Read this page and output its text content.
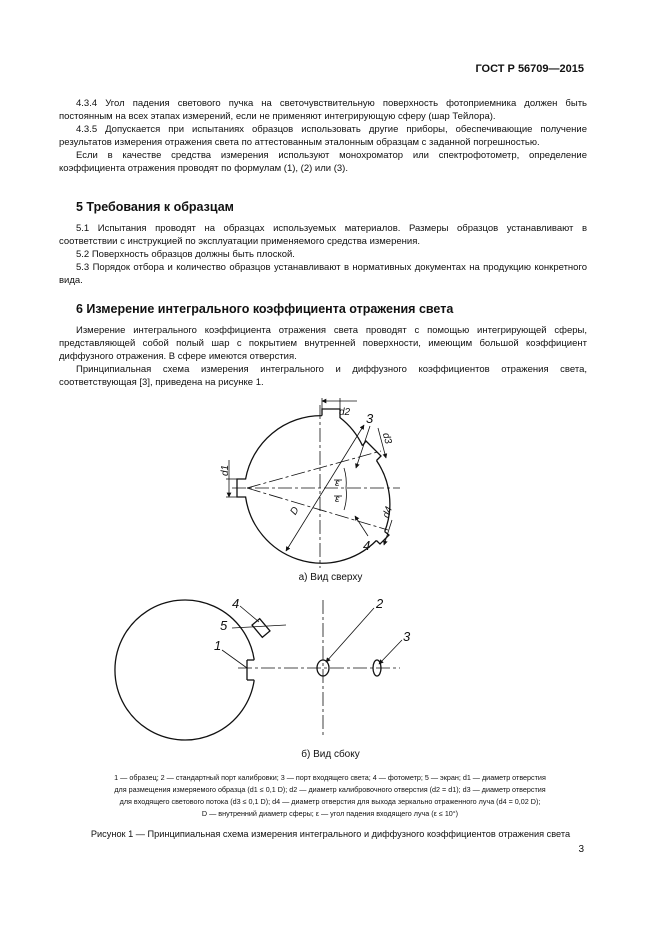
ГОСТ Р 56709—2015

4.3.4 Угол падения светового пучка на светочувствительную поверхность фотоприемника должен быть постоянным на всех этапах измерений, если не применяют интегрирующую сферу (шар Тейлора).

4.3.5 Допускается при испытаниях образцов использовать другие приборы, обеспечивающие получение результатов измерения отражения света по аттестованным эталонным образцам с заданной погрешностью.

Если в качестве средства измерения используют монохроматор или спектрофотометр, определение коэффициента отражения проводят по формулам (1), (2) или (3).

5 Требования к образцам

5.1 Испытания проводят на образцах используемых материалов. Размеры образцов устанавливают в соответствии с инструкцией по эксплуатации применяемого средства измерения.

5.2 Поверхность образцов должны быть плоской.

5.3 Порядок отбора и количество образцов устанавливают в нормативных документах на продукцию конкретного вида.

6 Измерение интегрального коэффициента отражения света

Измерение интегрального коэффициента отражения света проводят с помощью интегрирующей сферы, представляющей собой полый шар с покрытием внутренней поверхности, имеющим большой коэффициент диффузного отражения. В сфере имеются отверстия.

Принципиальная схема измерения интегрального и диффузного коэффициентов отражения света, соответствующая [3], приведена на рисунке 1.

3
4
d2
d1
d3
d4
D
ε
ε
1
2
3
4
5
а) Вид сверху
б) Вид сбоку
1 — образец; 2 — стандартный порт калибровки; 3 — порт входящего света; 4 — фотометр; 5 — экран; d1 — диаметр отверстия
для размещения измеряемого образца (d1 ≤ 0,1 D); d2 — диаметр калибровочного отверстия (d2 = d1); d3 — диаметр отверстия
для входящего светового потока (d3 ≤ 0,1 D); d4 — диаметр отверстия для выхода зеркально отраженного луча (d4 = 0,02 D);
D — внутренний диаметр сферы; ε — угол падения входящего луча (ε ≤ 10°)
Рисунок 1 — Принципиальная схема измерения интегрального и диффузного коэффициентов отражения света
3
